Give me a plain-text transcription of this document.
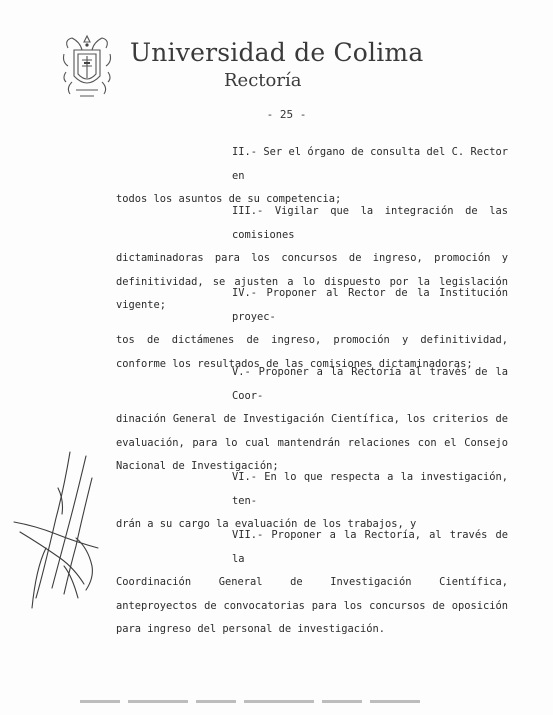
Universidad de Colima
Rectoría
- 25 -
II.- Ser el órgano de consulta del C. Rector en
todos los asuntos de su competencia;
III.- Vigilar que la integración de las comisiones
dictaminadoras para los concursos de ingreso, promoción y definitividad, se ajusten a lo dispuesto por la legislación vigente;
IV.- Proponer al Rector de la Institución proyec-
tos de dictámenes de ingreso, promoción y definitividad, conforme los resultados de las comisiones dictaminadoras;
V.- Proponer a la Rectoría al través de la Coor-
dinación General de Investigación Científica, los criterios de evaluación, para lo cual mantendrán relaciones con el Consejo Nacional de Investigación;
VI.- En lo que respecta a la investigación, ten-
drán a su cargo la evaluación de los trabajos, y
VII.- Proponer a la Rectoría, al través de la
Coordinación General de Investigación Científica, anteproyectos de convocatorias para los concursos de oposición para ingreso del personal de investigación.
